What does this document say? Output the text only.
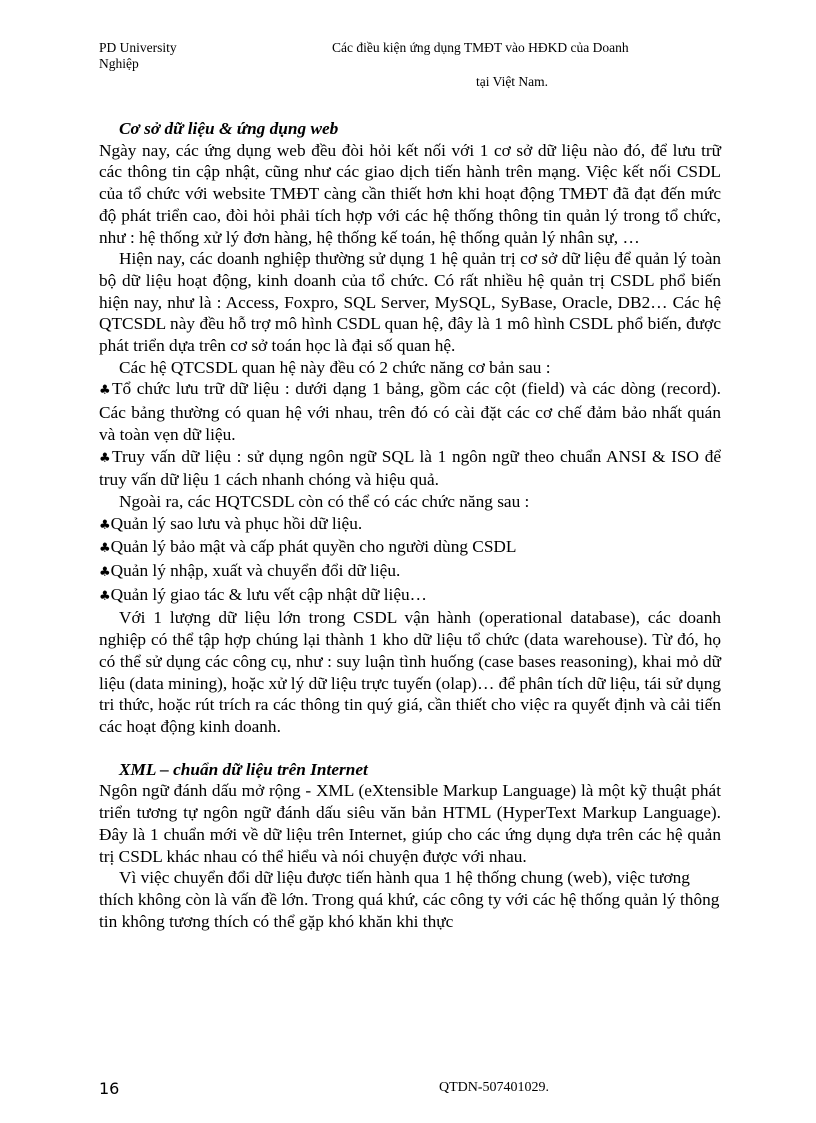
PD University
Nghiệp
Các điều kiện ứng dụng TMĐT vào HĐKD của Doanh
tại Việt Nam.

Cơ sở dữ liệu & ứng dụng web

Ngày nay, các ứng dụng web đều đòi hỏi kết nối với 1 cơ sở dữ liệu nào đó, để lưu trữ các thông tin cập nhật, cũng như các giao dịch tiến hành trên mạng. Việc kết nối CSDL của tổ chức với website TMĐT càng cần thiết hơn khi hoạt động TMĐT đã đạt đến mức độ phát triển cao, đòi hỏi phải tích hợp với các hệ thống thông tin quản lý trong tổ chức, như : hệ thống xử lý đơn hàng, hệ thống kế toán, hệ thống quản lý nhân sự, …

Hiện nay, các doanh nghiệp thường sử dụng 1 hệ quản trị cơ sở dữ liệu để quản lý toàn bộ dữ liệu hoạt động, kinh doanh của tổ chức. Có rất nhiều hệ quản trị CSDL phổ biến hiện nay, như là : Access, Foxpro, SQL Server, MySQL, SyBase, Oracle, DB2… Các hệ QTCSDL này đều hỗ trợ mô hình CSDL quan hệ, đây là 1 mô hình CSDL phổ biến, được phát triển dựa trên cơ sở toán học là đại số quan hệ.

Các hệ QTCSDL quan hệ này đều có 2 chức năng cơ bản sau :

♣Tổ chức lưu trữ dữ liệu : dưới dạng 1 bảng, gồm các cột (field) và các dòng (record). Các bảng thường có quan hệ với nhau, trên đó có cài đặt các cơ chế đảm bảo nhất quán và toàn vẹn dữ liệu.

♣Truy vấn dữ liệu : sử dụng ngôn ngữ SQL là 1 ngôn ngữ theo chuẩn ANSI & ISO để truy vấn dữ liệu 1 cách nhanh chóng và hiệu quả.

Ngoài ra, các HQTCSDL còn có thể có các chức năng sau :

♣Quản lý sao lưu và phục hồi dữ liệu.

♣Quản lý bảo mật và cấp phát quyền cho người dùng CSDL

♣Quản lý nhập, xuất và chuyển đổi dữ liệu.

♣Quản lý giao tác & lưu vết cập nhật dữ liệu…

Với 1 lượng dữ liệu lớn trong CSDL vận hành (operational database), các doanh nghiệp có thể tập hợp chúng lại thành 1 kho dữ liệu tổ chức (data warehouse). Từ đó, họ có thể sử dụng các công cụ, như : suy luận tình huống (case bases reasoning), khai mỏ dữ liệu (data mining), hoặc xử lý dữ liệu trực tuyến (olap)… để phân tích dữ liệu, tái sử dụng tri thức, hoặc rút trích ra các thông tin quý giá, cần thiết cho việc ra quyết định và cải tiến các hoạt động kinh doanh.

XML – chuẩn dữ liệu trên Internet

Ngôn ngữ đánh dấu mở rộng - XML (eXtensible Markup Language) là một kỹ thuật phát triển tương tự ngôn ngữ đánh dấu siêu văn bản HTML (HyperText Markup Language). Đây là 1 chuẩn mới về dữ liệu trên Internet, giúp cho các ứng dụng dựa trên các hệ quản trị CSDL khác nhau có thể hiểu và nói chuyện được với nhau.

Vì việc chuyển đổi dữ liệu được tiến hành qua 1 hệ thống chung (web), việc tương thích không còn là vấn đề lớn. Trong quá khứ, các công ty với các hệ thống quản lý thông tin không tương thích có thể gặp khó khăn khi thực

16	QTDN-507401029.
